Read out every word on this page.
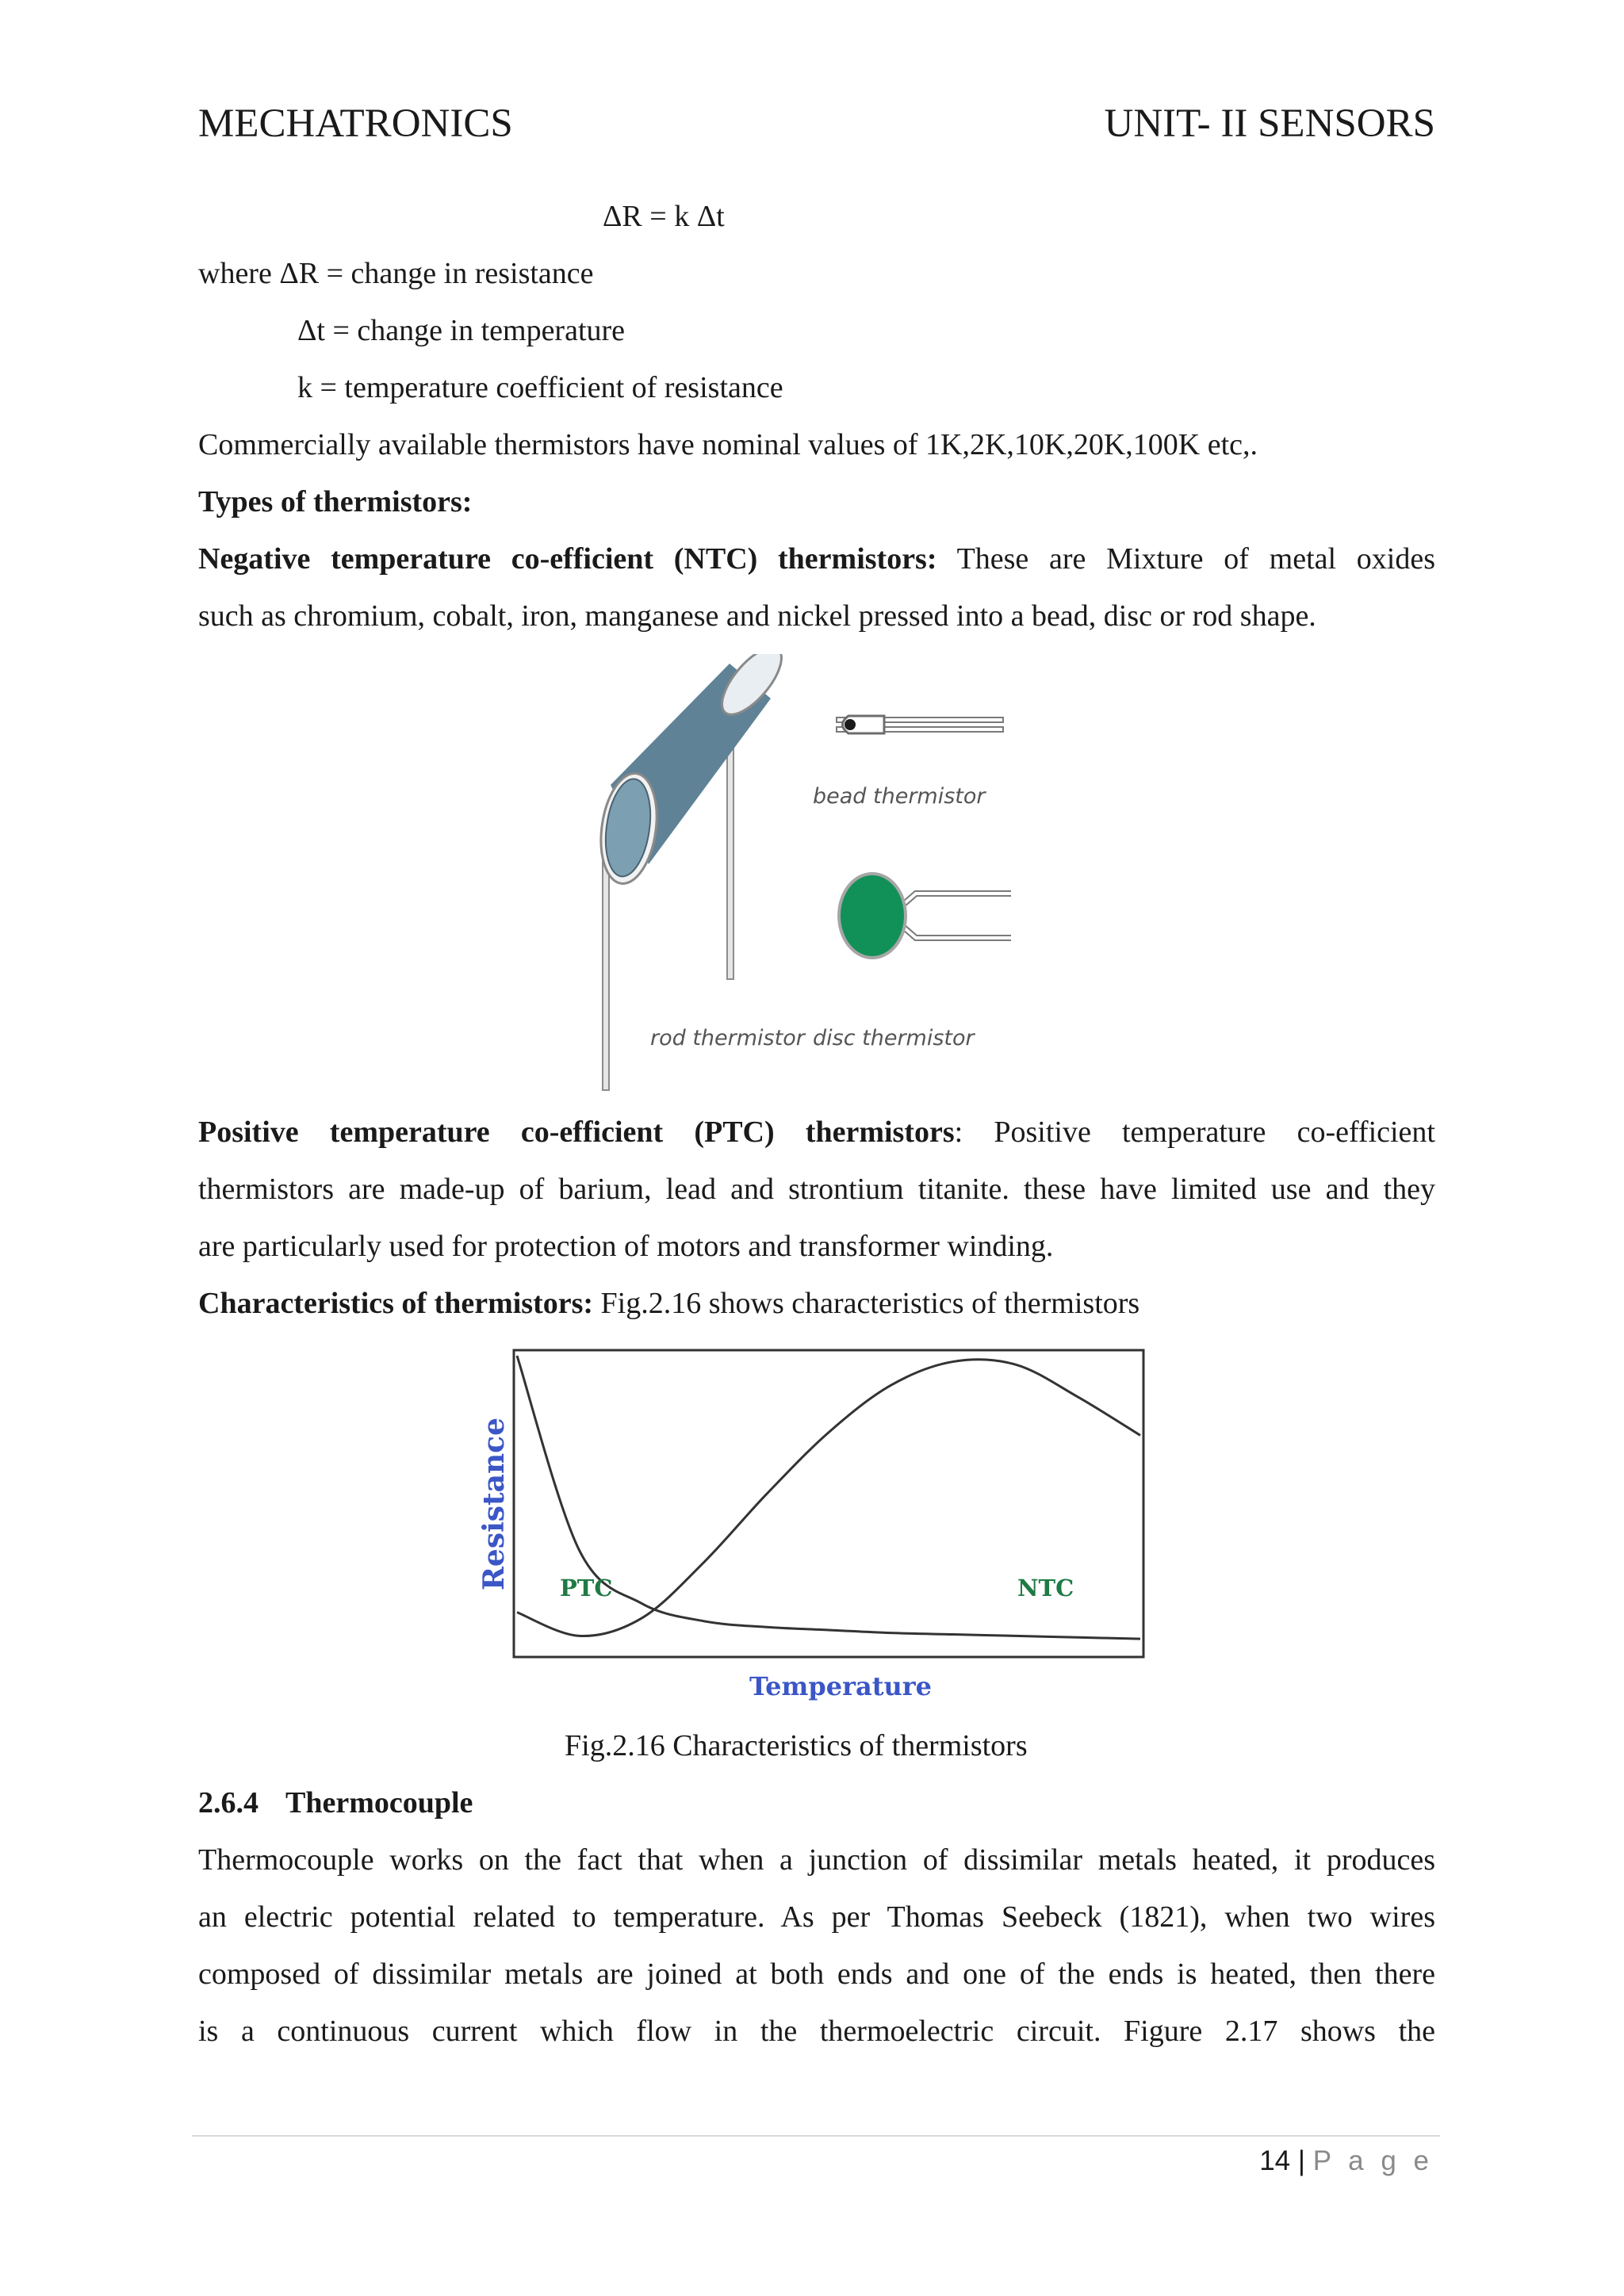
MECHATRONICS	UNIT- II SENSORS
ΔR = k Δt
where ΔR = change in resistance
Δt = change in temperature
k = temperature coefficient of resistance
Commercially available thermistors have nominal values of 1K,2K,10K,20K,100K etc,.
Types of thermistors:
Negative temperature co-efficient (NTC) thermistors: These are Mixture of metal oxides
such as chromium, cobalt, iron, manganese and nickel pressed into a bead, disc or rod shape.
bead thermistor
rod thermistor disc thermistor
Positive temperature co-efficient (PTC) thermistors: Positive temperature co-efficient
thermistors are made-up of barium, lead and strontium titanite. these have limited use and they
are particularly used for protection of motors and transformer winding.
Characteristics of thermistors: Fig.2.16 shows characteristics of thermistors
Resistance
Temperature
PTC	NTC
Fig.2.16 Characteristics of thermistors
2.6.4 Thermocouple
Thermocouple works on the fact that when a junction of dissimilar metals heated, it produces
an electric potential related to temperature. As per Thomas Seebeck (1821), when two wires
composed of dissimilar metals are joined at both ends and one of the ends is heated, then there
is a continuous current which flow in the thermoelectric circuit. Figure 2.17 shows the
14 | P a g e
